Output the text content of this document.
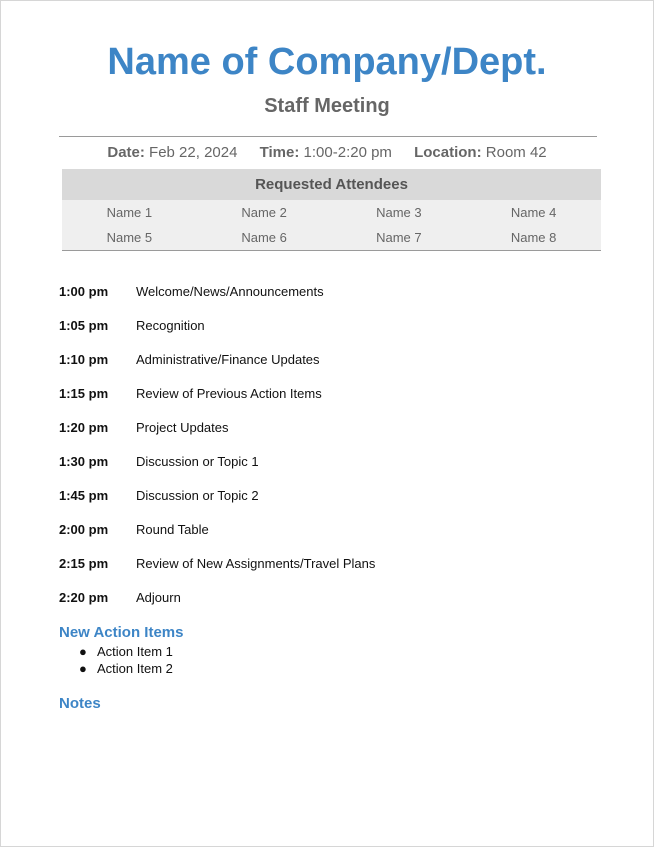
Name of Company/Dept.
Staff Meeting
Date: Feb 22, 2024 Time: 1:00-2:20 pm Location: Room 42
Requested Attendees
Name 1	Name 2	Name 3	Name 4
Name 5	Name 6	Name 7	Name 8
1:00 pm	Welcome/News/Announcements
1:05 pm	Recognition
1:10 pm	Administrative/Finance Updates
1:15 pm	Review of Previous Action Items
1:20 pm	Project Updates
1:30 pm	Discussion or Topic 1
1:45 pm	Discussion or Topic 2
2:00 pm	Round Table
2:15 pm	Review of New Assignments/Travel Plans
2:20 pm	Adjourn
New Action Items
● Action Item 1
● Action Item 2
Notes
